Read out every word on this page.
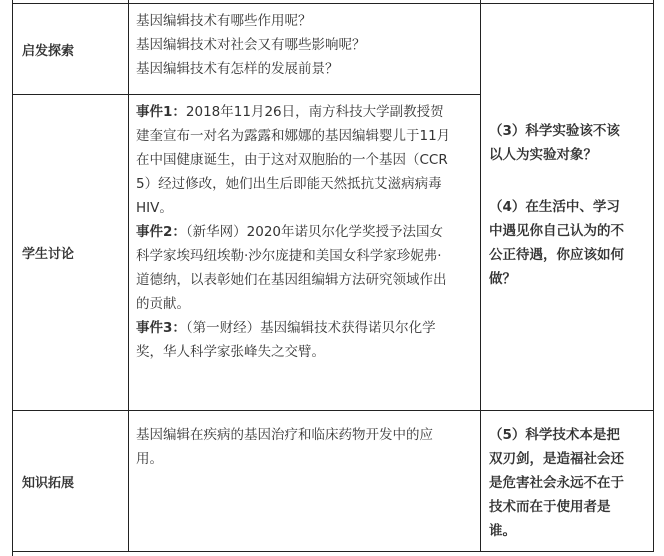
启发探索
基因编辑技术有哪些作用呢？
基因编辑技术对社会又有哪些影响呢？
基因编辑技术有怎样的发展前景？
学生讨论
事件1：2018年11月26日，南方科技大学副教授贺
建奎宣布一对名为露露和娜娜的基因编辑婴儿于11月
在中国健康诞生，由于这对双胞胎的一个基因（CCR
5）经过修改，她们出生后即能天然抵抗艾滋病病毒
HIV。
事件2：（新华网）2020年诺贝尔化学奖授予法国女
科学家埃玛纽埃勒·沙尔庞捷和美国女科学家珍妮弗·
道德纳，以表彰她们在基因组编辑方法研究领域作出
的贡献。
事件3：（第一财经）基因编辑技术获得诺贝尔化学
奖，华人科学家张峰失之交臂。
知识拓展
基因编辑在疾病的基因治疗和临床药物开发中的应
用。
（3）科学实验该不该
以人为实验对象？
（4）在生活中、学习
中遇见你自己认为的不
公正待遇，你应该如何
做？
（5）科学技术本是把
双刃剑，是造福社会还
是危害社会永远不在于
技术而在于使用者是
谁。
